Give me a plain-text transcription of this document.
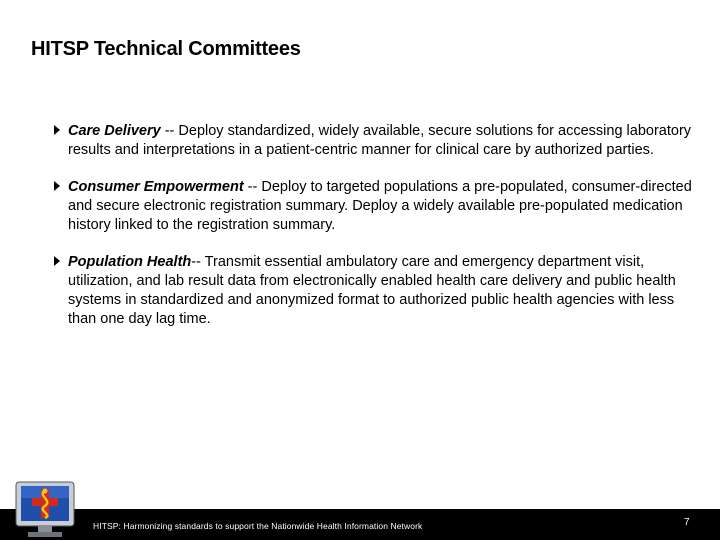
HITSP Technical Committees

Care Delivery -- Deploy standardized, widely available, secure solutions for accessing laboratory results and interpretations in a patient-centric manner for clinical care by authorized parties.

Consumer Empowerment -- Deploy to targeted populations a pre-populated, consumer-directed and secure electronic registration summary. Deploy a widely available pre-populated medication history linked to the registration summary.

Population Health-- Transmit essential ambulatory care and emergency department visit, utilization, and lab result data from electronically enabled health care delivery and public health systems in standardized and anonymized format to authorized public health agencies with less than one day lag time.

HITSP: Harmonizing standards to support the Nationwide Health Information Network	7
